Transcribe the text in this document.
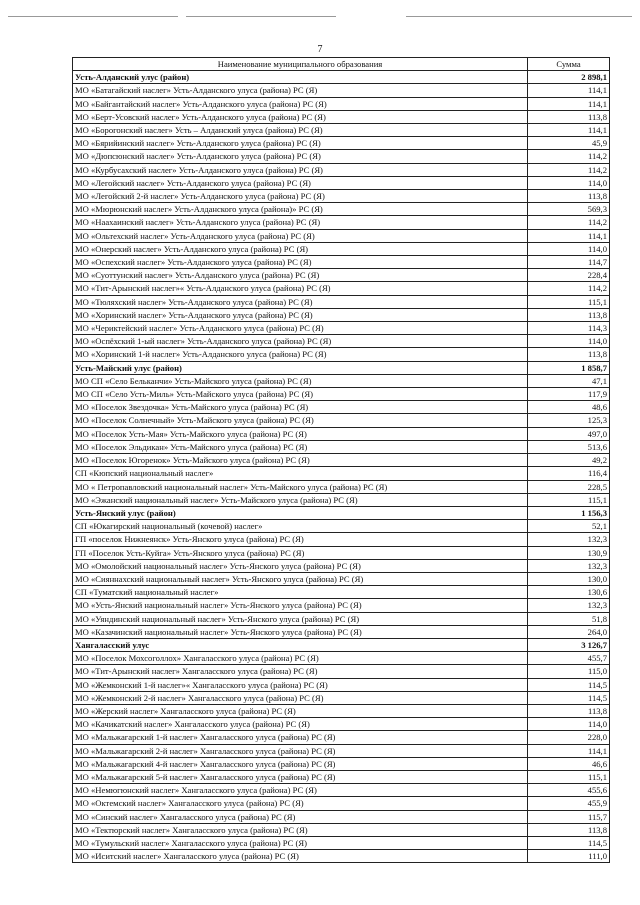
7
Наименование муниципального образования	Сумма
Усть-Алданский улус (район)	2 898,1
МО «Батагайский наслег» Усть-Алданского улуса (района) РС (Я)	114,1
МО «Байгантайский наслег» Усть-Алданского улуса (района) РС (Я)	114,1
МО «Берт-Усовский наслег» Усть-Алданского улуса (района) РС (Я)	113,8
МО «Борогонский наслег» Усть – Алданский улуса (района) РС (Я)	114,1
МО «Бярийинский наслег» Усть-Алданского улуса (района) РС (Я)	45,9
МО «Дюпсюнский наслег» Усть-Алданского улуса (района) РС (Я)	114,2
МО «Курбусахский наслег» Усть-Алданского улуса (района) РС (Я)	114,2
МО «Легойский наслег» Усть-Алданского улуса (района) РС (Я)	114,0
МО «Легойский 2-й наслег» Усть-Алданского улуса (района) РС (Я)	113,8
МО «Мюрюнский наслег» Усть-Алданского улуса (района)» РС (Я)	569,3
МО «Наахаинский наслег» Усть-Алданского улуса (района) РС (Я)	114,2
МО «Ольтехский наслег» Усть-Алданского улуса (района) РС (Я)	114,1
МО «Онерский наслег» Усть-Алданского улуса (района) РС (Я)	114,0
МО «Оспехский наслег» Усть-Алданского улуса (района) РС (Я)	114,7
МО «Суоттунский наслег» Усть-Алданского улуса (района) РС (Я)	228,4
МО «Тит-Арынский наслег»« Усть-Алданского улуса (района) РС (Я)	114,2
МО «Тюляхский наслег» Усть-Алданского улуса (района) РС (Я)	115,1
МО «Хоринский наслег» Усть-Алданского улуса (района) РС (Я)	113,8
МО «Чериктейский наслег» Усть-Алданского улуса (района) РС (Я)	114,3
МО «Оспёхский 1-ый наслег» Усть-Алданского улуса (района) РС (Я)	114,0
МО «Хоринский 1-й наслег» Усть-Алданского улуса (района) РС (Я)	113,8
Усть-Майский улус (район)	1 858,7
МО СП «Село Бельканчи» Усть-Майского улуса (района) РС (Я)	47,1
МО СП «Село Усть-Миль» Усть-Майского улуса (района) РС (Я)	117,9
МО «Поселок Звездочка» Усть-Майского улуса (района) РС (Я)	48,6
МО «Поселок Солнечный» Усть-Майского улуса (района) РС (Я)	125,3
МО «Поселок Усть-Мая» Усть-Майского улуса (района) РС (Я)	497,0
МО «Поселок Эльдикан» Усть-Майского улуса (района) РС (Я)	513,6
МО «Поселок Югоренок» Усть-Майского улуса (района) РС (Я)	49,2
СП «Кюпский национальный наслег»	116,4
МО « Петропавловский национальный наслег» Усть-Майского улуса (района) РС (Я)	228,5
МО «Эжанский национальный наслег» Усть-Майского улуса (района) РС (Я)	115,1
Усть-Янский улус (район)	1 156,3
СП «Юкагирский национальный (кочевой) наслег»	52,1
ГП «поселок Нижнеянск» Усть-Янского улуса (района) РС (Я)	132,3
ГП «Поселок Усть-Куйга» Усть-Янского улуса (района) РС (Я)	130,9
МО «Омолойский национальный наслег» Усть-Янского улуса (района) РС (Я)	132,3
МО «Сияннахский национальный наслег» Усть-Янского улуса (района) РС (Я)	130,0
СП «Туматский национальный наслег»	130,6
МО «Усть-Янский национальный наслег» Усть-Янского улуса (района) РС (Я)	132,3
МО «Уяндинский национальный наслег» Усть-Янского улуса (района) РС (Я)	51,8
МО «Казачинский национальный наслег» Усть-Янского улуса (района) РС (Я)	264,0
Хангаласский улус	3 126,7
МО «Поселок Мохсоголлох» Хангаласского улуса (района) РС (Я)	455,7
МО «Тит-Арынский наслег» Хангаласского улуса (района) РС (Я)	115,0
МО «Жемконский 1-й наслег»« Хангаласского улуса (района) РС (Я)	114,5
МО «Жемконский 2-й наслег» Хангаласского улуса (района) РС (Я)	114,5
МО «Жерский наслег» Хангаласского улуса (района) РС (Я)	113,8
МО «Качикатский наслег» Хангаласского улуса (района) РС (Я)	114,0
МО «Мальжагарский 1-й наслег» Хангаласского улуса (района) РС (Я)	228,0
МО «Мальжагарский 2-й наслег» Хангаласского улуса (района) РС (Я)	114,1
МО «Мальжагарский 4-й наслег» Хангаласского улуса (района) РС (Я)	46,6
МО «Мальжагарский 5-й наслег» Хангаласского улуса (района) РС (Я)	115,1
МО «Немюгюнский наслег» Хангаласского улуса (района) РС (Я)	455,6
МО «Октемский наслег» Хангаласского улуса (района) РС (Я)	455,9
МО «Синский наслег» Хангаласского улуса (района) РС (Я)	115,7
МО «Тектюрский наслег» Хангаласского улуса (района) РС (Я)	113,8
МО «Тумульский наслег» Хангаласского улуса (района) РС (Я)	114,5
МО «Иситский наслег» Хангаласского улуса (района) РС (Я)	111,0
